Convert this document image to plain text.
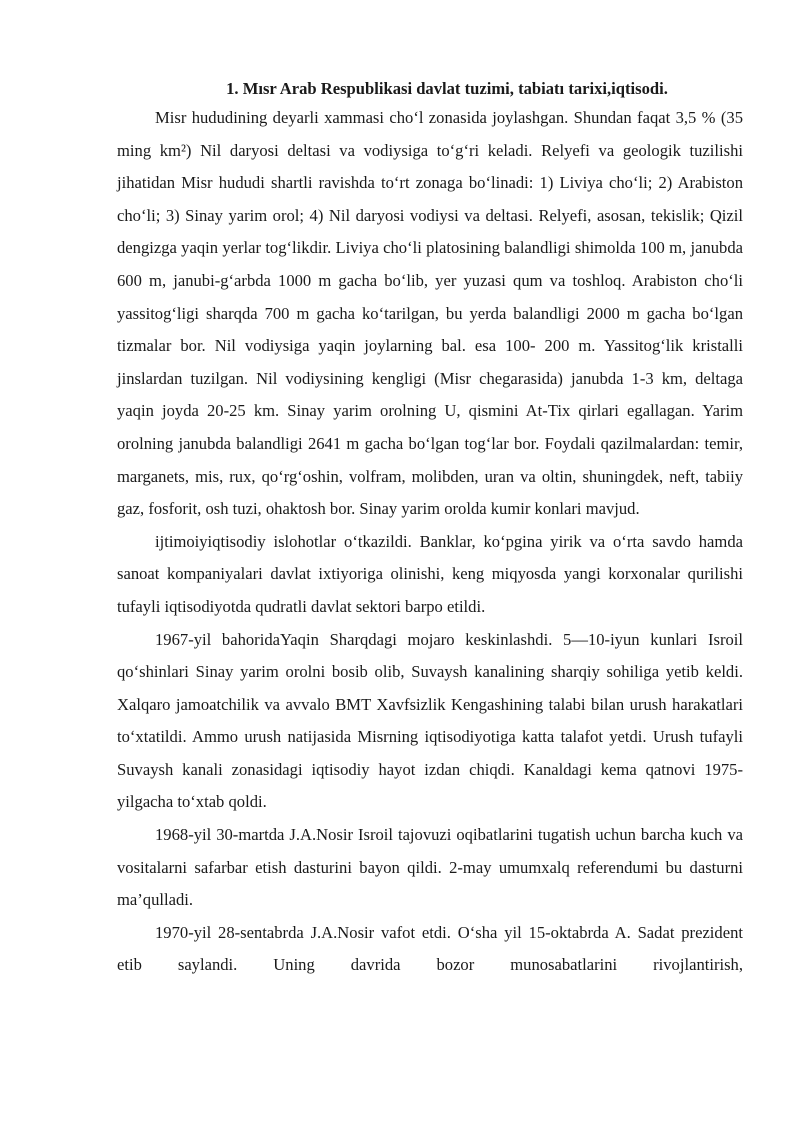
1. Mısr Arab Respublikasi davlat tuzimi, tabiatı tarixi,iqtisodi.

Misr hududining deyarli xammasi cho‘l zonasida joylashgan. Shundan faqat 3,5 % (35 ming km²) Nil daryosi deltasi va vodiysiga to‘g‘ri keladi. Relyefi va geologik tuzilishi jihatidan Misr hududi shartli ravishda to‘rt zonaga bo‘linadi: 1) Liviya cho‘li; 2) Arabiston cho‘li; 3) Sinay yarim orol; 4) Nil daryosi vodiysi va deltasi. Relyefi, asosan, tekislik; Qizil dengizga yaqin yerlar tog‘likdir. Liviya cho‘li platosining balandligi shimolda 100 m, janubda 600 m, janubi-g‘arbda 1000 m gacha bo‘lib, yer yuzasi qum va toshloq. Arabiston cho‘li yassitog‘ligi sharqda 700 m gacha ko‘tarilgan, bu yerda balandligi 2000 m gacha bo‘lgan tizmalar bor. Nil vodiysiga yaqin joylarning bal. esa 100- 200 m. Yassitog‘lik kristalli jinslardan tuzilgan. Nil vodiysining kengligi (Misr chegarasida) janubda 1-3 km, deltaga yaqin joyda 20-25 km. Sinay yarim orolning U, qismini At-Tix qirlari egallagan. Yarim orolning janubda balandligi 2641 m gacha bo‘lgan tog‘lar bor. Foydali qazilmalardan: temir, marganets, mis, rux, qo‘rg‘oshin, volfram, molibden, uran va oltin, shuningdek, neft, tabiiy gaz, fosforit, osh tuzi, ohaktosh bor. Sinay yarim orolda kumir konlari mavjud.

ijtimoiyiqtisodiy islohotlar o‘tkazildi. Banklar, ko‘pgina yirik va o‘rta savdo hamda sanoat kompaniyalari davlat ixtiyoriga olinishi, keng miqyosda yangi korxonalar qurilishi tufayli iqtisodiyotda qudratli davlat sektori barpo etildi.

1967-yil bahoridaYaqin Sharqdagi mojaro keskinlashdi. 5—10-iyun kunlari Isroil qo‘shinlari Sinay yarim orolni bosib olib, Suvaysh kanalining sharqiy sohiliga yetib keldi. Xalqaro jamoatchilik va avvalo BMT Xavfsizlik Kengashining talabi bilan urush harakatlari to‘xtatildi. Ammo urush natijasida Misrning iqtisodiyotiga katta talafot yetdi. Urush tufayli Suvaysh kanali zonasidagi iqtisodiy hayot izdan chiqdi. Kanaldagi kema qatnovi 1975-yilgacha to‘xtab qoldi.

1968-yil 30-martda J.A.Nosir Isroil tajovuzi oqibatlarini tugatish uchun barcha kuch va vositalarni safarbar etish dasturini bayon qildi. 2-may umumxalq referendumi bu dasturni ma’qulladi.

1970-yil 28-sentabrda J.A.Nosir vafot etdi. O‘sha yil 15-oktabrda A. Sadat prezident etib saylandi. Uning davrida bozor munosabatlarini rivojlantirish,
